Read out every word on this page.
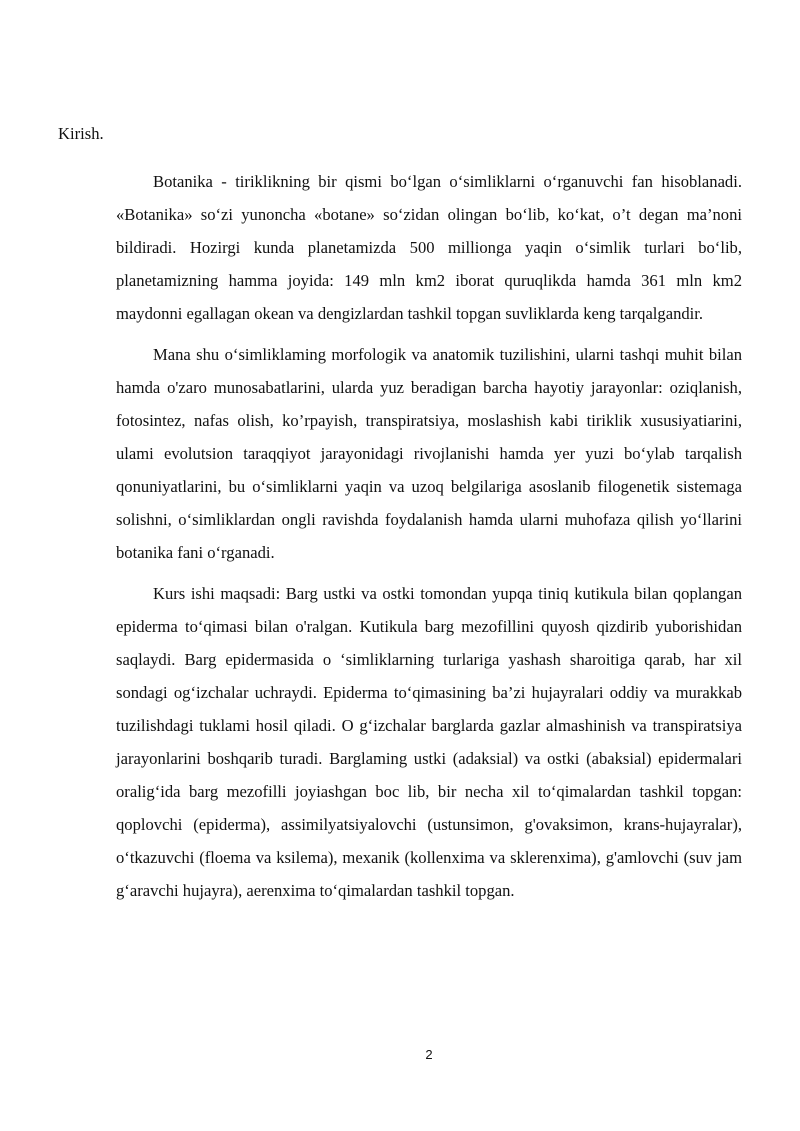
Kirish.

Botanika - tiriklikning bir qismi bo‘lgan o‘simliklarni o‘rganuvchi fan hisoblanadi. «Botanika» so‘zi yunoncha «botane» so‘zidan olingan bo‘lib, ko‘kat, o’t degan ma’noni bildiradi. Hozirgi kunda planetamizda 500 millionga yaqin o‘simlik turlari bo‘lib, planetamizning hamma joyida: 149 mln km2 iborat quruqlikda hamda 361 mln km2 maydonni egallagan okean va dengizlardan tashkil topgan suvliklarda keng tarqalgandir.

Mana shu o‘simliklaming morfologik va anatomik tuzilishini, ularni tashqi muhit bilan hamda o'zaro munosabatlarini, ularda yuz beradigan barcha hayotiy jarayonlar: oziqlanish, fotosintez, nafas olish, ko’rpayish, transpiratsiya, moslashish kabi tiriklik xususiyatiarini, ulami evolutsion taraqqiyot jarayonidagi rivojlanishi hamda yer yuzi bo‘ylab tarqalish qonuniyatlarini, bu o‘simliklarni yaqin va uzoq belgilariga asoslanib filogenetik sistemaga solishni, o‘simliklardan ongli ravishda foydalanish hamda ularni muhofaza qilish yo‘llarini botanika fani o‘rganadi.

Kurs ishi maqsadi: Barg ustki va ostki tomondan yupqa tiniq kutikula bilan qoplangan epiderma to‘qimasi bilan o'ralgan. Kutikula barg mezofillini quyosh qizdirib yuborishidan saqlaydi. Barg epidermasida o ‘simliklarning turlariga yashash sharoitiga qarab, har xil sondagi og‘izchalar uchraydi. Epiderma to‘qimasining ba’zi hujayralari oddiy va murakkab tuzilishdagi tuklami hosil qiladi. O g‘izchalar barglarda gazlar almashinish va transpiratsiya jarayonlarini boshqarib turadi. Barglaming ustki (adaksial) va ostki (abaksial) epidermalari oralig‘ida barg mezofilli joyiashgan boc lib, bir necha xil to‘qimalardan tashkil topgan: qoplovchi (epiderma), assimilyatsiyalovchi (ustunsimon, g'ovaksimon, krans-hujayralar), o‘tkazuvchi (floema va ksilema), mexanik (kollenxima va sklerenxima), g'amlovchi (suv jam g‘aravchi hujayra), aerenxima to‘qimalardan tashkil topgan.

2
